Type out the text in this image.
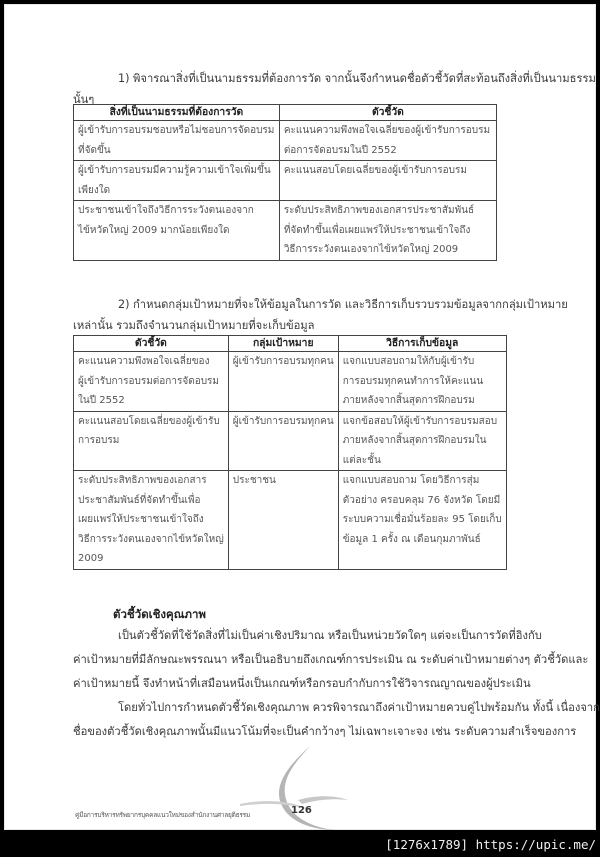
1) พิจารณาสิ่งที่เป็นนามธรรมที่ต้องการวัด จากนั้นจึงกำหนดชื่อตัวชี้วัดที่สะท้อนถึงสิ่งที่เป็นนามธรรม
นั้นๆ
สิ่งที่เป็นนามธรรมที่ต้องการวัด	ตัวชี้วัด

ผู้เข้ารับการอบรมชอบหรือไม่ชอบการจัดอบรม
ที่จัดขึ้น	คะแนนความพึงพอใจเฉลี่ยของผู้เข้ารับการอบรม
ต่อการจัดอบรมในปี 2552

ผู้เข้ารับการอบรมมีความรู้ความเข้าใจเพิ่มขึ้น
เพียงใด	คะแนนสอบโดยเฉลี่ยของผู้เข้ารับการอบรม

ประชาชนเข้าใจถึงวิธีการระวังตนเองจาก
ไข้หวัดใหญ่ 2009 มากน้อยเพียงใด	ระดับประสิทธิภาพของเอกสารประชาสัมพันธ์
ที่จัดทำขึ้นเพื่อเผยแพร่ให้ประชาชนเข้าใจถึง
วิธีการระวังตนเองจากไข้หวัดใหญ่ 2009
2) กำหนดกลุ่มเป้าหมายที่จะให้ข้อมูลในการวัด และวิธีการเก็บรวบรวมข้อมูลจากกลุ่มเป้าหมาย
เหล่านั้น รวมถึงจำนวนกลุ่มเป้าหมายที่จะเก็บข้อมูล
ตัวชี้วัด	กลุ่มเป้าหมาย	วิธีการเก็บข้อมูล

คะแนนความพึงพอใจเฉลี่ยของ
ผู้เข้ารับการอบรมต่อการจัดอบรม
ในปี 2552	ผู้เข้ารับการอบรมทุกคน	แจกแบบสอบถามให้กับผู้เข้ารับ
การอบรมทุกคนทำการให้คะแนน
ภายหลังจากสิ้นสุดการฝึกอบรม

คะแนนสอบโดยเฉลี่ยของผู้เข้ารับ
การอบรม	ผู้เข้ารับการอบรมทุกคน	แจกข้อสอบให้ผู้เข้ารับการอบรมสอบ
ภายหลังจากสิ้นสุดการฝึกอบรมใน
แต่ละชั้น

ระดับประสิทธิภาพของเอกสาร
ประชาสัมพันธ์ที่จัดทำขึ้นเพื่อ
เผยแพร่ให้ประชาชนเข้าใจถึง
วิธีการระวังตนเองจากไข้หวัดใหญ่
2009	ประชาชน	แจกแบบสอบถาม โดยวิธีการสุ่ม
ตัวอย่าง ครอบคลุม 76 จังหวัด โดยมี
ระบบความเชื่อมั่นร้อยละ 95 โดยเก็บ
ข้อมูล 1 ครั้ง ณ เดือนกุมภาพันธ์
ตัวชี้วัดเชิงคุณภาพ
เป็นตัวชี้วัดที่ใช้วัดสิ่งที่ไม่เป็นค่าเชิงปริมาณ หรือเป็นหน่วยวัดใดๆ แต่จะเป็นการวัดที่อิงกับ
ค่าเป้าหมายที่มีลักษณะพรรณนา หรือเป็นอธิบายถึงเกณฑ์การประเมิน ณ ระดับค่าเป้าหมายต่างๆ ตัวชี้วัดและ
ค่าเป้าหมายนี้ จึงทำหน้าที่เสมือนหนึ่งเป็นเกณฑ์หรือกรอบกำกับการใช้วิจารณญาณของผู้ประเมิน
โดยทั่วไปการกำหนดตัวชี้วัดเชิงคุณภาพ ควรพิจารณาถึงค่าเป้าหมายควบคู่ไปพร้อมกัน ทั้งนี้ เนื่องจาก
ชื่อของตัวชี้วัดเชิงคุณภาพนั้นมีแนวโน้มที่จะเป็นคำกว้างๆ ไม่เฉพาะเจาะจง เช่น ระดับความสำเร็จของการ
คู่มือการบริหารทรัพยากรบุคคลแนวใหม่ของสำนักงานศาลยุติธรรม	126
[1276x1789] https://upic.me/
